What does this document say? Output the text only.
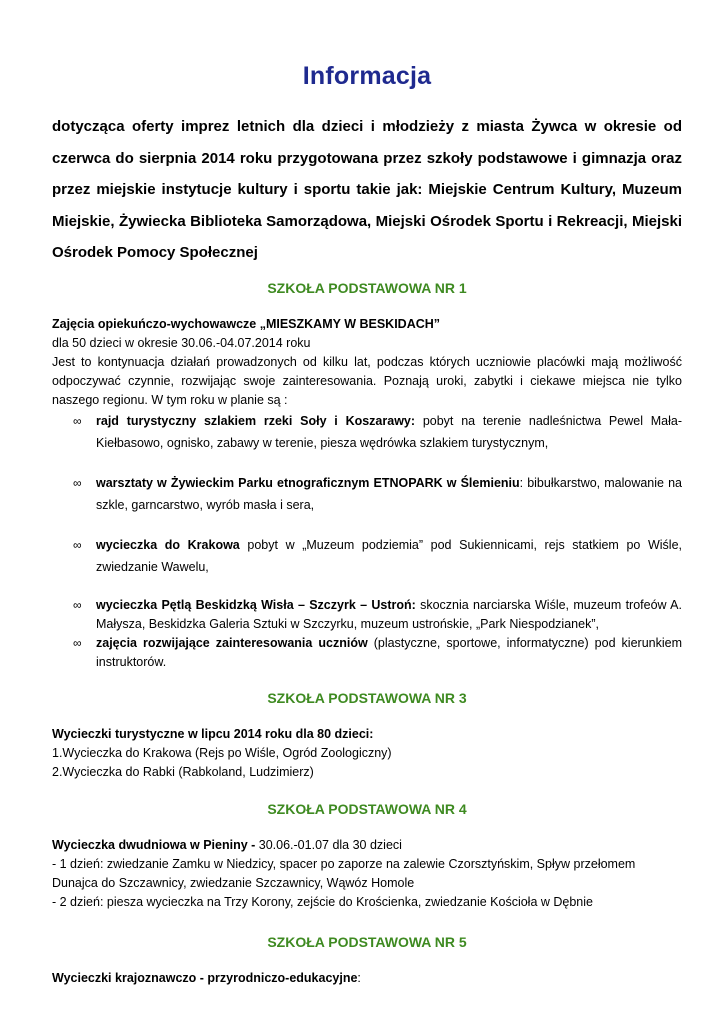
Informacja

dotycząca oferty imprez letnich dla dzieci i młodzieży z miasta Żywca w okresie od czerwca do sierpnia 2014 roku przygotowana przez szkoły podstawowe i gimnazja oraz przez miejskie instytucje kultury i sportu takie jak: Miejskie Centrum Kultury, Muzeum Miejskie, Żywiecka Biblioteka Samorządowa, Miejski Ośrodek Sportu i Rekreacji, Miejski Ośrodek Pomocy Społecznej

SZKOŁA PODSTAWOWA NR 1

Zajęcia opiekuńczo-wychowawcze „MIESZKAMY W BESKIDACH”

dla 50 dzieci w okresie 30.06.-04.07.2014 roku

Jest to kontynuacja działań prowadzonych od kilku lat, podczas których uczniowie placówki mają możliwość odpoczywać czynnie, rozwijając swoje zainteresowania. Poznają uroki, zabytki i ciekawe miejsca nie tylko naszego regionu. W tym roku w planie są :

∞ rajd turystyczny szlakiem rzeki Soły i Koszarawy: pobyt na terenie nadleśnictwa Pewel Mała- Kiełbasowo, ognisko, zabawy w terenie, piesza wędrówka szlakiem turystycznym,
∞ warsztaty w Żywieckim Parku etnograficznym ETNOPARK w Ślemieniu: bibułkarstwo, malowanie na szkle, garncarstwo, wyrób masła i sera,
∞ wycieczka do Krakowa pobyt w „Muzeum podziemia” pod Sukiennicami, rejs statkiem po Wiśle, zwiedzanie Wawelu,
∞ wycieczka Pętlą Beskidzką Wisła – Szczyrk – Ustroń: skocznia narciarska Wiśle, muzeum trofeów A. Małysza, Beskidzka Galeria Sztuki w Szczyrku, muzeum ustrońskie, „Park Niespodzianek”,
∞ zajęcia rozwijające zainteresowania uczniów (plastyczne, sportowe, informatyczne) pod kierunkiem instruktorów.
SZKOŁA PODSTAWOWA NR 3

Wycieczki turystyczne w lipcu 2014 roku dla 80 dzieci:

1.Wycieczka do Krakowa (Rejs po Wiśle, Ogród Zoologiczny)

2.Wycieczka do Rabki (Rabkoland, Ludzimierz)

SZKOŁA PODSTAWOWA NR 4

Wycieczka dwudniowa w Pieniny - 30.06.-01.07 dla 30 dzieci

- 1 dzień: zwiedzanie Zamku w Niedzicy, spacer po zaporze na zalewie Czorsztyńskim, Spływ przełomem Dunajca do Szczawnicy, zwiedzanie Szczawnicy, Wąwóz Homole

- 2 dzień: piesza wycieczka na Trzy Korony, zejście do Krościenka, zwiedzanie Kościoła w Dębnie

SZKOŁA PODSTAWOWA NR 5

Wycieczki krajoznawczo - przyrodniczo-edukacyjne:
